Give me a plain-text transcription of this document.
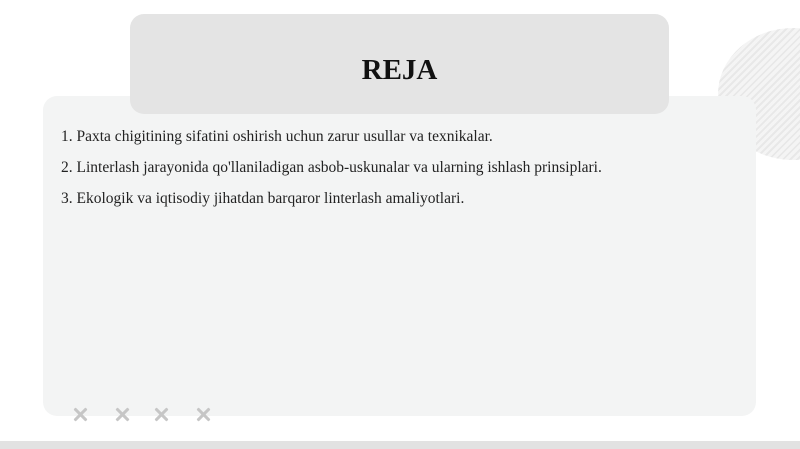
REJA
1. Paxta chigitining sifatini oshirish uchun zarur usullar va texnikalar.
2. Linterlash jarayonida qo'llaniladigan asbob-uskunalar va ularning ishlash prinsiplari.
3. Ekologik va iqtisodiy jihatdan barqaror linterlash amaliyotlari.
